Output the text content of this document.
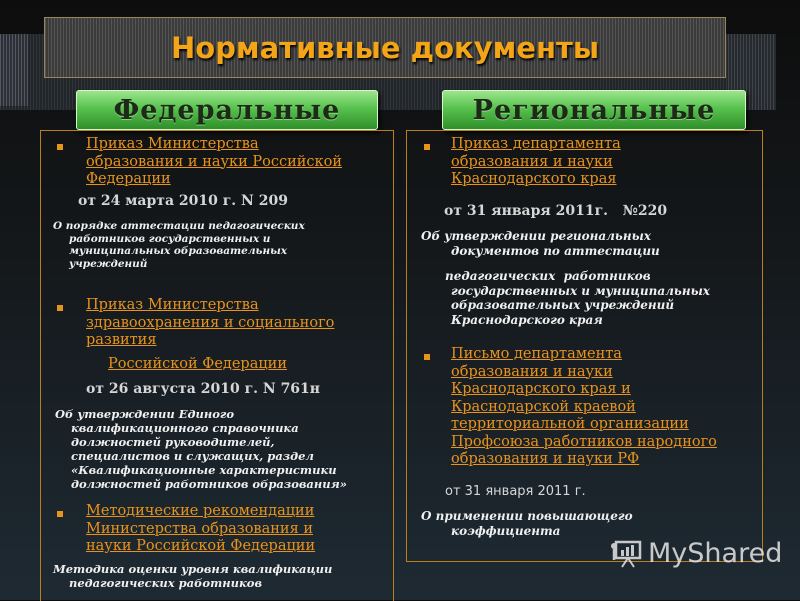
Нормативные документы
Федеральные	Региональные
Приказ Министерства
образования и науки Российской
Федерации

от 24 марта 2010 г. N 209

О порядке аттестации педагогических
работников государственных и
муниципальных образовательных
учреждений
Приказ Министерства
здравоохранения и социального
развития
Российской Федерации

от 26 августа 2010 г. N 761н

Об утверждении Единого
квалификационного справочника
должностей руководителей,
специалистов и служащих, раздел
«Квалификационные характеристики
должностей работников образования»
Методические рекомендации
Министерства образования и
науки Российской Федерации
Методика оценки уровня квалификации
педагогических работников
Приказ департамента
образования и науки
Краснодарского края

от 31 января 2011г.   №220

Об утверждении региональных
документов по аттестации
педагогических  работников
государственных и муниципальных
образовательных учреждений
Краснодарского края
Письмо департамента
образования и науки
Краснодарского края и
Краснодарской краевой
территориальной организации
Профсоюза работников народного
образования и науки РФ

от 31 января 2011 г.

О применении повышающего
коэффициента
MyShared
